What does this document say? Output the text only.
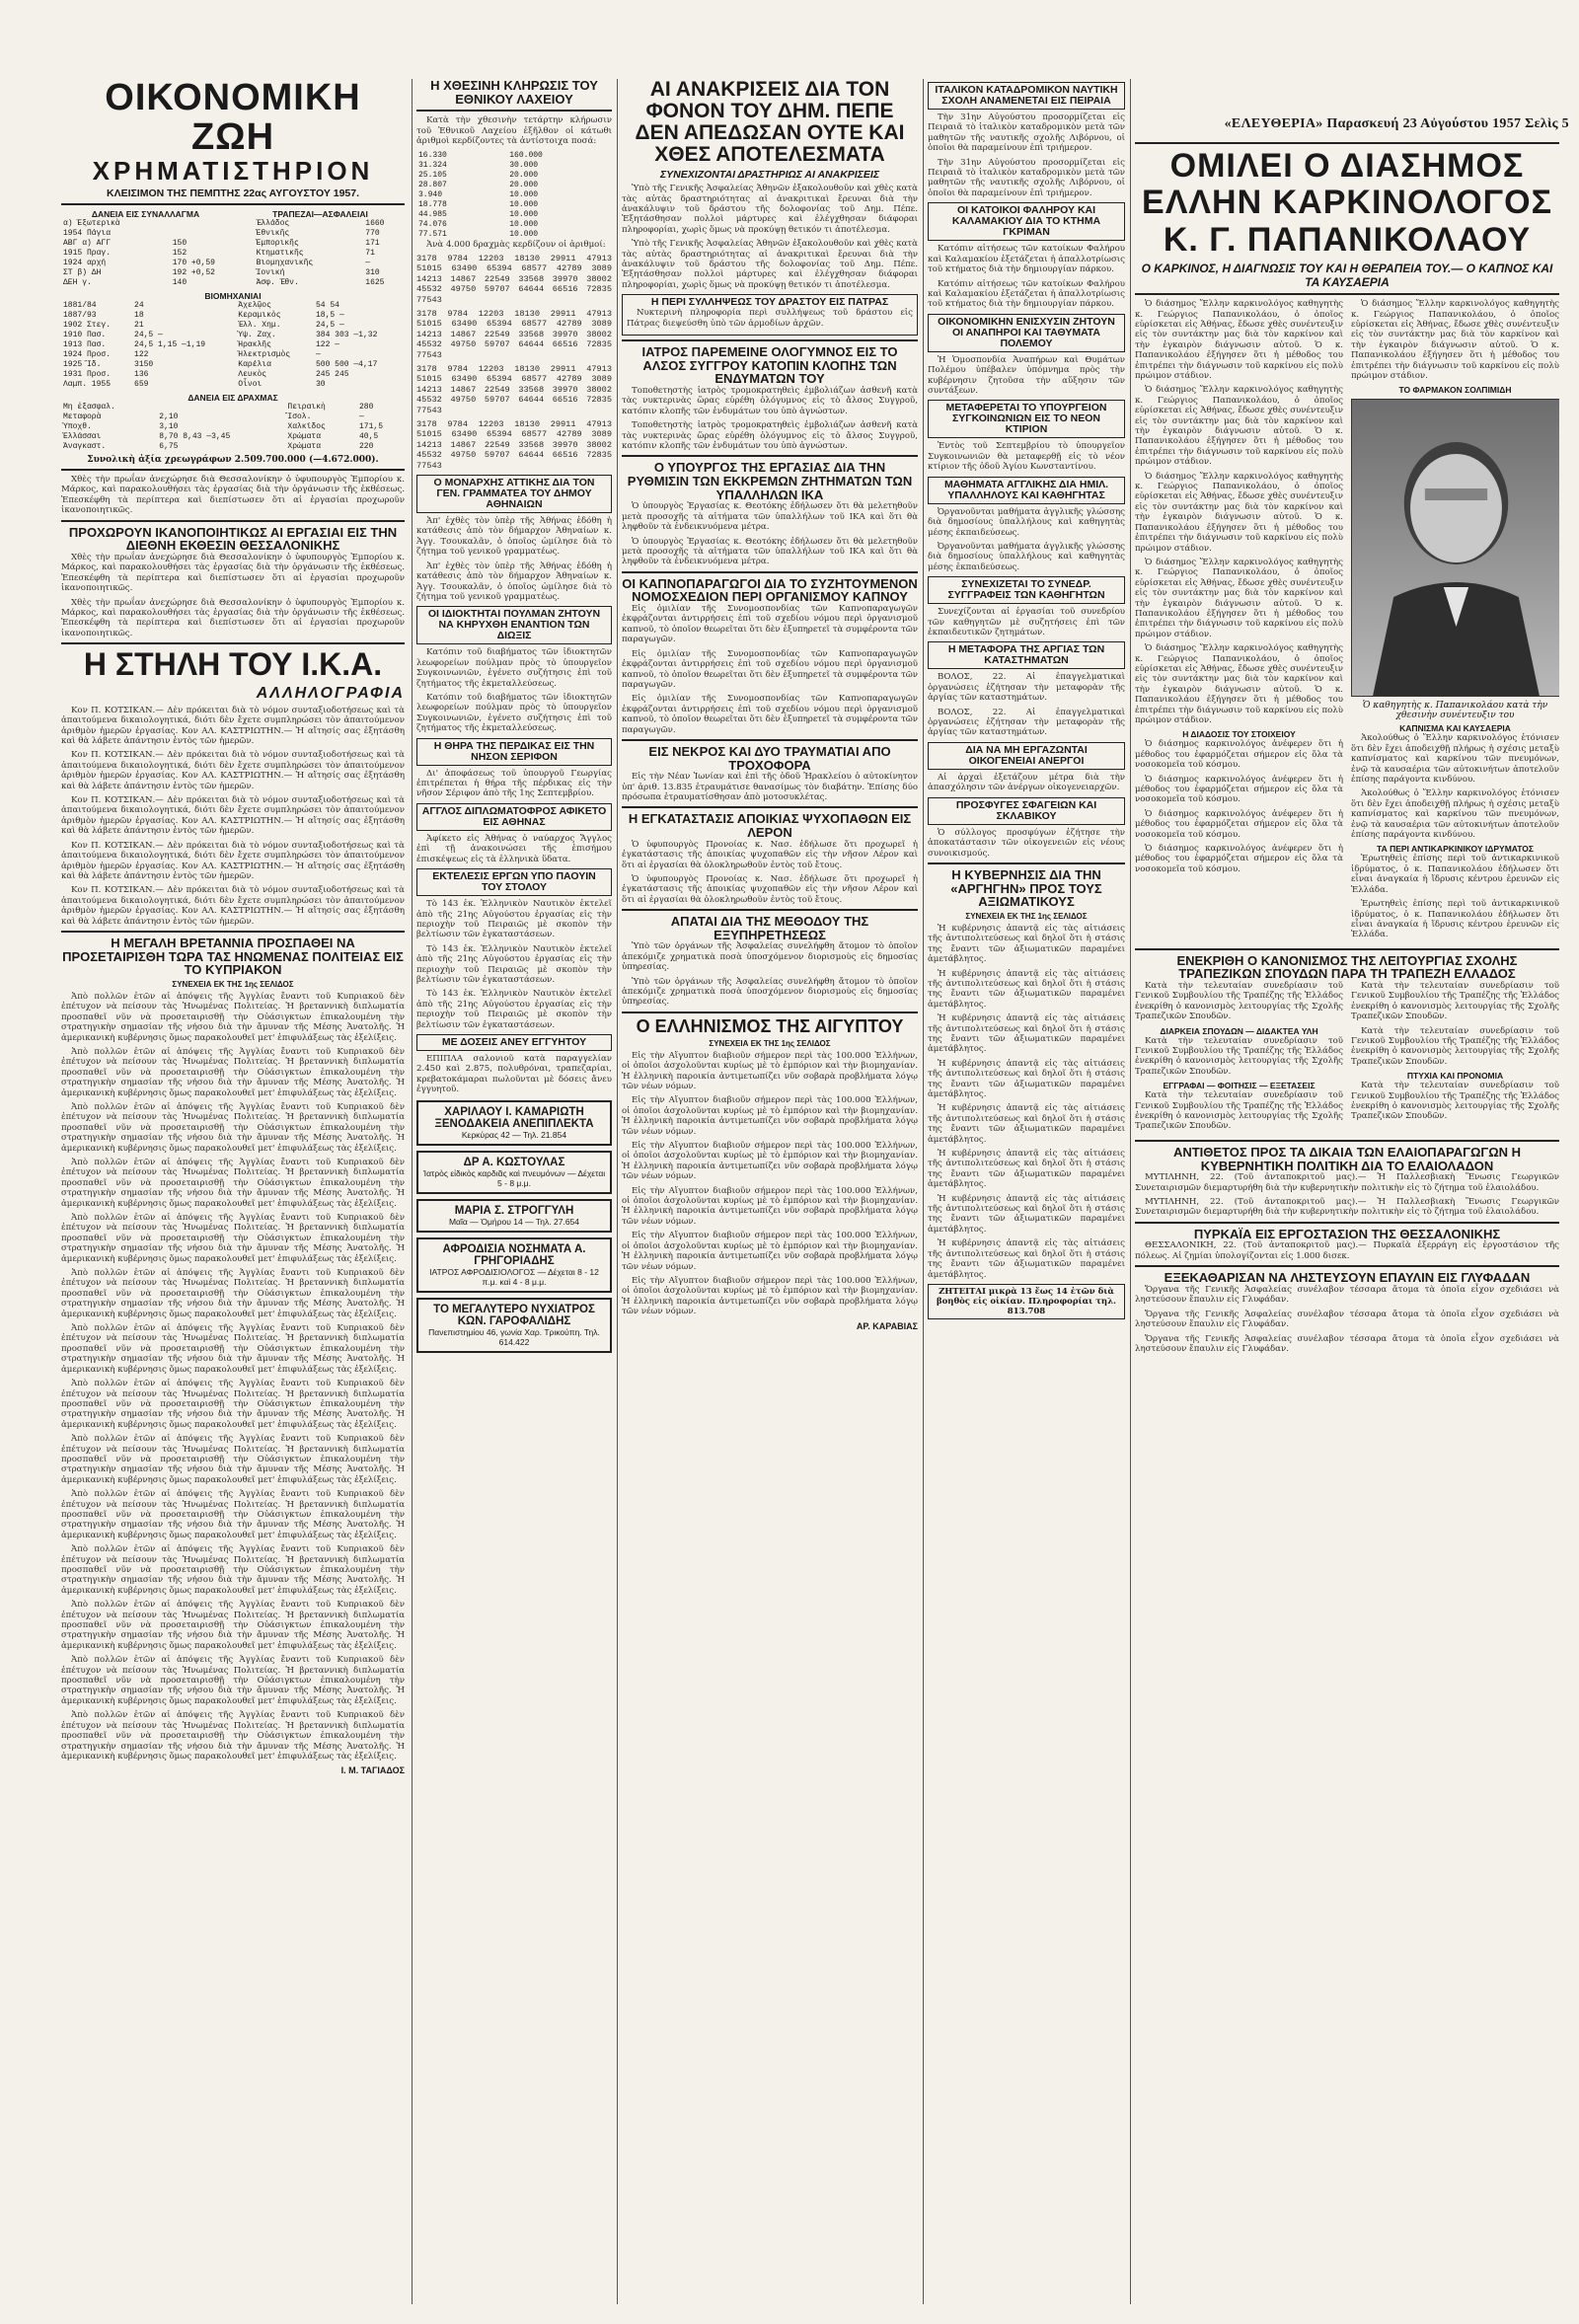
«ΕΛΕΥΘΕΡΙΑ» Παρασκευή 23 Αὐγούστου 1957 Σελὶς 5
ΟΙΚΟΝΟΜΙΚΗ ΖΩΗ
ΧΡΗΜΑΤΙΣΤΗΡΙΟΝ
ΚΛΕΙΣΙΜΟΝ ΤΗΣ ΠΕΜΠΤΗΣ 22ας ΑΥΓΟΥΣΤΟΥ 1957.
ΔΑΝΕΙΑ ΕΙΣ ΣΥΝΑΛΛΑΓΜΑ	ΤΡΑΠΕΖΑΙ—ΑΣΦΑΛΕΙΑΙ
α) Ἐξωτερικὰ		Ἑλλάδος	1660
1954 Πάγια		Ἐθνικῆς	770
ΑΒΓ α) ΑΓΓ	150	Ἐμπορικῆς	171
1915 Πραγ.	152	Κτηματικῆς	71
1924 αρχή	170 +0,59	Βιομηχανικῆς	—
ΣΤ β) ΔΗ	192 +0,52	Ἰονική	310
ΔΕΗ γ.	140	Ἀσφ. Ἑθν.	1625
ΒΙΟΜΗΧΑΝΙΑΙ
1881/84	24	Ἀχελῷος	54 54
1887/93	18	Κεραμικὸς	18,5 —
1902 Στεγ.	21	Ἑλλ. Χημ.	24,5 —
1910 Πασ.	24,5 —	Ὑψ. Ζαχ.	384 303 —1,32
1913 Πασ.	24,5 1,15 —1,19	Ἡρακλῆς	122 —
1924 Προσ.	122	Ἠλεκτρισμὸς	—
1925 Ἵδ.	3150	Καρέλια	500 500 —4,17
1931 Προσ.	136	Λευκὸς	245 245
Λαμπ. 1955	659	Οἶνοι	30
ΔΑΝΕΙΑ ΕΙΣ ΔΡΑΧΜΑΣ
Μη ἐξασφαλ.		Πειραικὴ	280
Μεταφορὰ	2,10	Ἴσολ.	—
Ὑποχθ.	3,10	Χαλκίδος	171,5
Ἐλλάσσαι	8,70 8,43 —3,45	Χρώματα	40,5
Ἀναγκαστ.	6,75	Χρώματα	220
Συνολικὴ ἀξία χρεωγράφων 2.509.700.000 (—4.672.000).

Χθὲς τὴν πρωΐαν ἀνεχώρησε διὰ Θεσσαλονίκην ὁ ὑφυπουργὸς Ἐμπορίου κ. Μάρκος, καὶ παρακολουθήσει τὰς ἐργασίας διὰ τὴν ὀργάνωσιν τῆς ἐκθέσεως. Ἐπεσκέφθη τὰ περίπτερα καὶ διεπίστωσεν ὅτι αἱ ἐργασίαι προχωροῦν ἱκανοποιητικῶς.

ΠΡΟΧΩΡΟΥΝ ΙΚΑΝΟΠΟΙΗΤΙΚΩΣ ΑΙ ΕΡΓΑΣΙΑΙ ΕΙΣ ΤΗΝ ΔΙΕΘΝΗ ΕΚΘΕΣΙΝ ΘΕΣΣΑΛΟΝΙΚΗΣ

Χθὲς τὴν πρωΐαν ἀνεχώρησε διὰ Θεσσαλονίκην ὁ ὑφυπουργὸς Ἐμπορίου κ. Μάρκος, καὶ παρακολουθήσει τὰς ἐργασίας διὰ τὴν ὀργάνωσιν τῆς ἐκθέσεως. Ἐπεσκέφθη τὰ περίπτερα καὶ διεπίστωσεν ὅτι αἱ ἐργασίαι προχωροῦν ἱκανοποιητικῶς.

Χθὲς τὴν πρωΐαν ἀνεχώρησε διὰ Θεσσαλονίκην ὁ ὑφυπουργὸς Ἐμπορίου κ. Μάρκος, καὶ παρακολουθήσει τὰς ἐργασίας διὰ τὴν ὀργάνωσιν τῆς ἐκθέσεως. Ἐπεσκέφθη τὰ περίπτερα καὶ διεπίστωσεν ὅτι αἱ ἐργασίαι προχωροῦν ἱκανοποιητικῶς.

Η ΣΤΗΛΗ ΤΟΥ Ι.Κ.Α.
ΑΛΛΗΛΟΓΡΑΦΙΑ

Κον Π. ΚΟΤΣΙΚΑΝ.— Δὲν πρόκειται διὰ τὸ νόμον συνταξιοδοτήσεως καὶ τὰ ἀπαιτούμενα δικαιολογητικά, διότι δὲν ἔχετε συμπληρώσει τὸν ἀπαιτούμενον ἀριθμὸν ἡμερῶν ἐργασίας. Κον ΑΛ. ΚΑΣΤΡΙΩΤΗΝ.— Ἡ αἴτησίς σας ἐξητάσθη καὶ θὰ λάβετε ἀπάντησιν ἐντὸς τῶν ἡμερῶν.

Κον Π. ΚΟΤΣΙΚΑΝ.— Δὲν πρόκειται διὰ τὸ νόμον συνταξιοδοτήσεως καὶ τὰ ἀπαιτούμενα δικαιολογητικά, διότι δὲν ἔχετε συμπληρώσει τὸν ἀπαιτούμενον ἀριθμὸν ἡμερῶν ἐργασίας. Κον ΑΛ. ΚΑΣΤΡΙΩΤΗΝ.— Ἡ αἴτησίς σας ἐξητάσθη καὶ θὰ λάβετε ἀπάντησιν ἐντὸς τῶν ἡμερῶν.

Κον Π. ΚΟΤΣΙΚΑΝ.— Δὲν πρόκειται διὰ τὸ νόμον συνταξιοδοτήσεως καὶ τὰ ἀπαιτούμενα δικαιολογητικά, διότι δὲν ἔχετε συμπληρώσει τὸν ἀπαιτούμενον ἀριθμὸν ἡμερῶν ἐργασίας. Κον ΑΛ. ΚΑΣΤΡΙΩΤΗΝ.— Ἡ αἴτησίς σας ἐξητάσθη καὶ θὰ λάβετε ἀπάντησιν ἐντὸς τῶν ἡμερῶν.

Κον Π. ΚΟΤΣΙΚΑΝ.— Δὲν πρόκειται διὰ τὸ νόμον συνταξιοδοτήσεως καὶ τὰ ἀπαιτούμενα δικαιολογητικά, διότι δὲν ἔχετε συμπληρώσει τὸν ἀπαιτούμενον ἀριθμὸν ἡμερῶν ἐργασίας. Κον ΑΛ. ΚΑΣΤΡΙΩΤΗΝ.— Ἡ αἴτησίς σας ἐξητάσθη καὶ θὰ λάβετε ἀπάντησιν ἐντὸς τῶν ἡμερῶν.

Κον Π. ΚΟΤΣΙΚΑΝ.— Δὲν πρόκειται διὰ τὸ νόμον συνταξιοδοτήσεως καὶ τὰ ἀπαιτούμενα δικαιολογητικά, διότι δὲν ἔχετε συμπληρώσει τὸν ἀπαιτούμενον ἀριθμὸν ἡμερῶν ἐργασίας. Κον ΑΛ. ΚΑΣΤΡΙΩΤΗΝ.— Ἡ αἴτησίς σας ἐξητάσθη καὶ θὰ λάβετε ἀπάντησιν ἐντὸς τῶν ἡμερῶν.

Η ΜΕΓΑΛΗ ΒΡΕΤΑΝΝΙΑ ΠΡΟΣΠΑΘΕΙ ΝΑ ΠΡΟΣΕΤΑΙΡΙΣΘΗ ΤΩΡΑ ΤΑΣ ΗΝΩΜΕΝΑΣ ΠΟΛΙΤΕΙΑΣ ΕΙΣ ΤΟ ΚΥΠΡΙΑΚΟΝ
ΣΥΝΕΧΕΙΑ ΕΚ ΤΗΣ 1ης ΣΕΛΙΔΟΣ

Ἀπὸ πολλῶν ἐτῶν αἱ ἀπόψεις τῆς Ἀγγλίας ἔναντι τοῦ Κυπριακοῦ δὲν ἐπέτυχον νὰ πείσουν τὰς Ἡνωμένας Πολιτείας. Ἡ βρεταννικὴ διπλωματία προσπαθεῖ νῦν νὰ προσεταιρισθῇ τὴν Οὐάσιγκτων ἐπικαλουμένη τὴν στρατηγικὴν σημασίαν τῆς νήσου διὰ τὴν ἄμυναν τῆς Μέσης Ἀνατολῆς. Ἡ ἀμερικανικὴ κυβέρνησις ὅμως παρακολουθεῖ μετ' ἐπιφυλάξεως τὰς ἐξελίξεις.

Ἀπὸ πολλῶν ἐτῶν αἱ ἀπόψεις τῆς Ἀγγλίας ἔναντι τοῦ Κυπριακοῦ δὲν ἐπέτυχον νὰ πείσουν τὰς Ἡνωμένας Πολιτείας. Ἡ βρεταννικὴ διπλωματία προσπαθεῖ νῦν νὰ προσεταιρισθῇ τὴν Οὐάσιγκτων ἐπικαλουμένη τὴν στρατηγικὴν σημασίαν τῆς νήσου διὰ τὴν ἄμυναν τῆς Μέσης Ἀνατολῆς. Ἡ ἀμερικανικὴ κυβέρνησις ὅμως παρακολουθεῖ μετ' ἐπιφυλάξεως τὰς ἐξελίξεις.

Ἀπὸ πολλῶν ἐτῶν αἱ ἀπόψεις τῆς Ἀγγλίας ἔναντι τοῦ Κυπριακοῦ δὲν ἐπέτυχον νὰ πείσουν τὰς Ἡνωμένας Πολιτείας. Ἡ βρεταννικὴ διπλωματία προσπαθεῖ νῦν νὰ προσεταιρισθῇ τὴν Οὐάσιγκτων ἐπικαλουμένη τὴν στρατηγικὴν σημασίαν τῆς νήσου διὰ τὴν ἄμυναν τῆς Μέσης Ἀνατολῆς. Ἡ ἀμερικανικὴ κυβέρνησις ὅμως παρακολουθεῖ μετ' ἐπιφυλάξεως τὰς ἐξελίξεις.

Ἀπὸ πολλῶν ἐτῶν αἱ ἀπόψεις τῆς Ἀγγλίας ἔναντι τοῦ Κυπριακοῦ δὲν ἐπέτυχον νὰ πείσουν τὰς Ἡνωμένας Πολιτείας. Ἡ βρεταννικὴ διπλωματία προσπαθεῖ νῦν νὰ προσεταιρισθῇ τὴν Οὐάσιγκτων ἐπικαλουμένη τὴν στρατηγικὴν σημασίαν τῆς νήσου διὰ τὴν ἄμυναν τῆς Μέσης Ἀνατολῆς. Ἡ ἀμερικανικὴ κυβέρνησις ὅμως παρακολουθεῖ μετ' ἐπιφυλάξεως τὰς ἐξελίξεις.

Ἀπὸ πολλῶν ἐτῶν αἱ ἀπόψεις τῆς Ἀγγλίας ἔναντι τοῦ Κυπριακοῦ δὲν ἐπέτυχον νὰ πείσουν τὰς Ἡνωμένας Πολιτείας. Ἡ βρεταννικὴ διπλωματία προσπαθεῖ νῦν νὰ προσεταιρισθῇ τὴν Οὐάσιγκτων ἐπικαλουμένη τὴν στρατηγικὴν σημασίαν τῆς νήσου διὰ τὴν ἄμυναν τῆς Μέσης Ἀνατολῆς. Ἡ ἀμερικανικὴ κυβέρνησις ὅμως παρακολουθεῖ μετ' ἐπιφυλάξεως τὰς ἐξελίξεις.

Ἀπὸ πολλῶν ἐτῶν αἱ ἀπόψεις τῆς Ἀγγλίας ἔναντι τοῦ Κυπριακοῦ δὲν ἐπέτυχον νὰ πείσουν τὰς Ἡνωμένας Πολιτείας. Ἡ βρεταννικὴ διπλωματία προσπαθεῖ νῦν νὰ προσεταιρισθῇ τὴν Οὐάσιγκτων ἐπικαλουμένη τὴν στρατηγικὴν σημασίαν τῆς νήσου διὰ τὴν ἄμυναν τῆς Μέσης Ἀνατολῆς. Ἡ ἀμερικανικὴ κυβέρνησις ὅμως παρακολουθεῖ μετ' ἐπιφυλάξεως τὰς ἐξελίξεις.

Ἀπὸ πολλῶν ἐτῶν αἱ ἀπόψεις τῆς Ἀγγλίας ἔναντι τοῦ Κυπριακοῦ δὲν ἐπέτυχον νὰ πείσουν τὰς Ἡνωμένας Πολιτείας. Ἡ βρεταννικὴ διπλωματία προσπαθεῖ νῦν νὰ προσεταιρισθῇ τὴν Οὐάσιγκτων ἐπικαλουμένη τὴν στρατηγικὴν σημασίαν τῆς νήσου διὰ τὴν ἄμυναν τῆς Μέσης Ἀνατολῆς. Ἡ ἀμερικανικὴ κυβέρνησις ὅμως παρακολουθεῖ μετ' ἐπιφυλάξεως τὰς ἐξελίξεις.

Ἀπὸ πολλῶν ἐτῶν αἱ ἀπόψεις τῆς Ἀγγλίας ἔναντι τοῦ Κυπριακοῦ δὲν ἐπέτυχον νὰ πείσουν τὰς Ἡνωμένας Πολιτείας. Ἡ βρεταννικὴ διπλωματία προσπαθεῖ νῦν νὰ προσεταιρισθῇ τὴν Οὐάσιγκτων ἐπικαλουμένη τὴν στρατηγικὴν σημασίαν τῆς νήσου διὰ τὴν ἄμυναν τῆς Μέσης Ἀνατολῆς. Ἡ ἀμερικανικὴ κυβέρνησις ὅμως παρακολουθεῖ μετ' ἐπιφυλάξεως τὰς ἐξελίξεις.

Ἀπὸ πολλῶν ἐτῶν αἱ ἀπόψεις τῆς Ἀγγλίας ἔναντι τοῦ Κυπριακοῦ δὲν ἐπέτυχον νὰ πείσουν τὰς Ἡνωμένας Πολιτείας. Ἡ βρεταννικὴ διπλωματία προσπαθεῖ νῦν νὰ προσεταιρισθῇ τὴν Οὐάσιγκτων ἐπικαλουμένη τὴν στρατηγικὴν σημασίαν τῆς νήσου διὰ τὴν ἄμυναν τῆς Μέσης Ἀνατολῆς. Ἡ ἀμερικανικὴ κυβέρνησις ὅμως παρακολουθεῖ μετ' ἐπιφυλάξεως τὰς ἐξελίξεις.

Ἀπὸ πολλῶν ἐτῶν αἱ ἀπόψεις τῆς Ἀγγλίας ἔναντι τοῦ Κυπριακοῦ δὲν ἐπέτυχον νὰ πείσουν τὰς Ἡνωμένας Πολιτείας. Ἡ βρεταννικὴ διπλωματία προσπαθεῖ νῦν νὰ προσεταιρισθῇ τὴν Οὐάσιγκτων ἐπικαλουμένη τὴν στρατηγικὴν σημασίαν τῆς νήσου διὰ τὴν ἄμυναν τῆς Μέσης Ἀνατολῆς. Ἡ ἀμερικανικὴ κυβέρνησις ὅμως παρακολουθεῖ μετ' ἐπιφυλάξεως τὰς ἐξελίξεις.

Ἀπὸ πολλῶν ἐτῶν αἱ ἀπόψεις τῆς Ἀγγλίας ἔναντι τοῦ Κυπριακοῦ δὲν ἐπέτυχον νὰ πείσουν τὰς Ἡνωμένας Πολιτείας. Ἡ βρεταννικὴ διπλωματία προσπαθεῖ νῦν νὰ προσεταιρισθῇ τὴν Οὐάσιγκτων ἐπικαλουμένη τὴν στρατηγικὴν σημασίαν τῆς νήσου διὰ τὴν ἄμυναν τῆς Μέσης Ἀνατολῆς. Ἡ ἀμερικανικὴ κυβέρνησις ὅμως παρακολουθεῖ μετ' ἐπιφυλάξεως τὰς ἐξελίξεις.

Ἀπὸ πολλῶν ἐτῶν αἱ ἀπόψεις τῆς Ἀγγλίας ἔναντι τοῦ Κυπριακοῦ δὲν ἐπέτυχον νὰ πείσουν τὰς Ἡνωμένας Πολιτείας. Ἡ βρεταννικὴ διπλωματία προσπαθεῖ νῦν νὰ προσεταιρισθῇ τὴν Οὐάσιγκτων ἐπικαλουμένη τὴν στρατηγικὴν σημασίαν τῆς νήσου διὰ τὴν ἄμυναν τῆς Μέσης Ἀνατολῆς. Ἡ ἀμερικανικὴ κυβέρνησις ὅμως παρακολουθεῖ μετ' ἐπιφυλάξεως τὰς ἐξελίξεις.

Ἀπὸ πολλῶν ἐτῶν αἱ ἀπόψεις τῆς Ἀγγλίας ἔναντι τοῦ Κυπριακοῦ δὲν ἐπέτυχον νὰ πείσουν τὰς Ἡνωμένας Πολιτείας. Ἡ βρεταννικὴ διπλωματία προσπαθεῖ νῦν νὰ προσεταιρισθῇ τὴν Οὐάσιγκτων ἐπικαλουμένη τὴν στρατηγικὴν σημασίαν τῆς νήσου διὰ τὴν ἄμυναν τῆς Μέσης Ἀνατολῆς. Ἡ ἀμερικανικὴ κυβέρνησις ὅμως παρακολουθεῖ μετ' ἐπιφυλάξεως τὰς ἐξελίξεις.

Ἀπὸ πολλῶν ἐτῶν αἱ ἀπόψεις τῆς Ἀγγλίας ἔναντι τοῦ Κυπριακοῦ δὲν ἐπέτυχον νὰ πείσουν τὰς Ἡνωμένας Πολιτείας. Ἡ βρεταννικὴ διπλωματία προσπαθεῖ νῦν νὰ προσεταιρισθῇ τὴν Οὐάσιγκτων ἐπικαλουμένη τὴν στρατηγικὴν σημασίαν τῆς νήσου διὰ τὴν ἄμυναν τῆς Μέσης Ἀνατολῆς. Ἡ ἀμερικανικὴ κυβέρνησις ὅμως παρακολουθεῖ μετ' ἐπιφυλάξεως τὰς ἐξελίξεις.

Ι. Μ. ΤΑΓΙΑΔΟΣ
Η ΧΘΕΣΙΝΗ ΚΛΗΡΩΣΙΣ ΤΟΥ ΕΘΝΙΚΟΥ ΛΑΧΕΙΟΥ

Κατὰ τὴν χθεσινὴν τετάρτην κλήρωσιν τοῦ Ἐθνικοῦ Λαχείου ἐξῆλθον οἱ κάτωθι ἀριθμοὶ κερδίζοντες τὰ ἀντίστοιχα ποσά:

16.330	160.000
31.324	30.000
25.105	20.000
28.807	20.000
3.940	10.000
18.778	10.000
44.985	10.000
74.076	10.000
77.571	10.000

Ἀνὰ 4.000 δραχμὰς κερδίζουν οἱ ἀριθμοί:

3178 9784 12203 18130 29911 47913 51015 63490 65394 68577 42789 3089 14213 14867 22549 33568 39970 38002 45532 49750 59707 64644 66516 72835 77543

3178 9784 12203 18130 29911 47913 51015 63490 65394 68577 42789 3089 14213 14867 22549 33568 39970 38002 45532 49750 59707 64644 66516 72835 77543

3178 9784 12203 18130 29911 47913 51015 63490 65394 68577 42789 3089 14213 14867 22549 33568 39970 38002 45532 49750 59707 64644 66516 72835 77543

3178 9784 12203 18130 29911 47913 51015 63490 65394 68577 42789 3089 14213 14867 22549 33568 39970 38002 45532 49750 59707 64644 66516 72835 77543

Ο ΜΟΝΑΡΧΗΣ ΑΤΤΙΚΗΣ ΔΙΑ ΤΟΝ ΓΕΝ. ΓΡΑΜΜΑΤΕΑ ΤΟΥ ΔΗΜΟΥ ΑΘΗΝΑΙΩΝ

Ἀπ' ἐχθὲς τὸν ὑπὲρ τῆς Ἀθήνας ἐδόθη ἡ κατάθεσις ἀπὸ τὸν δήμαρχον Ἀθηναίων κ. Ἀγγ. Τσουκαλᾶν, ὁ ὁποῖος ὡμίλησε διὰ τὸ ζήτημα τοῦ γενικοῦ γραμματέως.

Ἀπ' ἐχθὲς τὸν ὑπὲρ τῆς Ἀθήνας ἐδόθη ἡ κατάθεσις ἀπὸ τὸν δήμαρχον Ἀθηναίων κ. Ἀγγ. Τσουκαλᾶν, ὁ ὁποῖος ὡμίλησε διὰ τὸ ζήτημα τοῦ γενικοῦ γραμματέως.

ΟΙ ΙΔΙΟΚΤΗΤΑΙ ΠΟΥΛΜΑΝ ΖΗΤΟΥΝ ΝΑ ΚΗΡΥΧΘΗ ΕΝΑΝΤΙΟΝ ΤΩΝ ΔΙΩΞΙΣ

Κατόπιν τοῦ διαβήματος τῶν ἰδιοκτητῶν λεωφορείων πούλμαν πρὸς τὸ ὑπουργεῖον Συγκοινωνιῶν, ἐγένετο συζήτησις ἐπὶ τοῦ ζητήματος τῆς ἐκμεταλλεύσεως.

Κατόπιν τοῦ διαβήματος τῶν ἰδιοκτητῶν λεωφορείων πούλμαν πρὸς τὸ ὑπουργεῖον Συγκοινωνιῶν, ἐγένετο συζήτησις ἐπὶ τοῦ ζητήματος τῆς ἐκμεταλλεύσεως.

Η ΘΗΡΑ ΤΗΣ ΠΕΡΔΙΚΑΣ ΕΙΣ ΤΗΝ ΝΗΣΟΝ ΣΕΡΙΦΟΝ

Δι' ἀποφάσεως τοῦ ὑπουργοῦ Γεωργίας ἐπιτρέπεται ἡ θήρα τῆς πέρδικας εἰς τὴν νῆσον Σέριφον ἀπὸ τῆς 1ης Σεπτεμβρίου.

ΑΓΓΛΟΣ ΔΙΠΛΩΜΑΤΟΦΡΟΣ ΑΦΙΚΕΤΟ ΕΙΣ ΑΘΗΝΑΣ

Ἀφίκετο εἰς Ἀθήνας ὁ ναύαρχος Ἄγγλος ἐπὶ τῇ ἀνακοινώσει τῆς ἐπισήμου ἐπισκέψεως εἰς τὰ ἑλληνικὰ ὕδατα.

ΕΚΤΕΛΕΣΙΣ ΕΡΓΩΝ ΥΠΟ ΠΑΟΥΙΝ ΤΟΥ ΣΤΟΛΟΥ

Τὸ 143 ἐκ. Ἑλληνικὸν Ναυτικὸν ἐκτελεῖ ἀπὸ τῆς 21ης Αὐγούστου ἐργασίας εἰς τὴν περιοχὴν τοῦ Πειραιῶς μὲ σκοπὸν τὴν βελτίωσιν τῶν ἐγκαταστάσεων.

Τὸ 143 ἐκ. Ἑλληνικὸν Ναυτικὸν ἐκτελεῖ ἀπὸ τῆς 21ης Αὐγούστου ἐργασίας εἰς τὴν περιοχὴν τοῦ Πειραιῶς μὲ σκοπὸν τὴν βελτίωσιν τῶν ἐγκαταστάσεων.

Τὸ 143 ἐκ. Ἑλληνικὸν Ναυτικὸν ἐκτελεῖ ἀπὸ τῆς 21ης Αὐγούστου ἐργασίας εἰς τὴν περιοχὴν τοῦ Πειραιῶς μὲ σκοπὸν τὴν βελτίωσιν τῶν ἐγκαταστάσεων.

ΜΕ ΔΟΣΕΙΣ ΑΝΕΥ ΕΓΓΥΗΤΟΥ

ΕΠΙΠΛΑ σαλονιοῦ κατὰ παραγγελίαν 2.450 καὶ 2.875, πολυθρόναι, τραπεζαρίαι, κρεβατοκάμαραι πωλοῦνται μὲ δόσεις ἄνευ ἐγγυητοῦ.

ΧΑΡΙΛΑΟΥ Ι. ΚΑΜΑΡΙΩΤΗ ΞΕΝΟΔΑΚΕΙΑ ΑΝΕΠΙΠΛΕΚΤΑ
Κερκύρας 42 — Τηλ. 21.854
ΔΡ Α. ΚΩΣΤΟΥΛΑΣ
Ἰατρὸς εἰδικὸς καρδιᾶς καὶ πνευμόνων — Δέχεται 5 - 8 μ.μ.
ΜΑΡΙΑ Σ. ΣΤΡΟΓΓΥΛΗ
Μαῖα — Ὀμήρου 14 — Τηλ. 27.654
ΑΦΡΟΔΙΣΙΑ ΝΟΣΗΜΑΤΑ Α. ΓΡΗΓΟΡΙΑΔΗΣ
ΙΑΤΡΟΣ ΑΦΡΟΔΙΣΙΟΛΟΓΟΣ — Δέχεται 8 - 12 π.μ. καὶ 4 - 8 μ.μ.
ΤΟ ΜΕΓΑΛΥΤΕΡΟ ΝΥΧΙΑΤΡΟΣ ΚΩΝ. ΓΑΡΟΦΑΛΙΔΗΣ
Πανεπιστημίου 46, γωνία Χαρ. Τρικούπη. Τηλ. 614.422
ΑΙ ΑΝΑΚΡΙΣΕΙΣ ΔΙΑ ΤΟΝ ΦΟΝΟΝ ΤΟΥ ΔΗΜ. ΠΕΠΕ ΔΕΝ ΑΠΕΔΩΣΑΝ ΟΥΤΕ ΚΑΙ ΧΘΕΣ ΑΠΟΤΕΛΕΣΜΑΤΑ
ΣΥΝΕΧΙΖΟΝΤΑΙ ΔΡΑΣΤΗΡΙΩΣ ΑΙ ΑΝΑΚΡΙΣΕΙΣ

Ὑπὸ τῆς Γενικῆς Ἀσφαλείας Ἀθηνῶν ἐξακολουθοῦν καὶ χθὲς κατὰ τὰς αὐτὰς δραστηριότητας αἱ ἀνακριτικαὶ ἔρευναι διὰ τὴν ἀνακάλυψιν τοῦ δράστου τῆς δολοφονίας τοῦ Δημ. Πέπε. Ἐξητάσθησαν πολλοὶ μάρτυρες καὶ ἐλέγχθησαν διάφοραι πληροφορίαι, χωρὶς ὅμως νὰ προκύψῃ θετικόν τι ἀποτέλεσμα.

Ὑπὸ τῆς Γενικῆς Ἀσφαλείας Ἀθηνῶν ἐξακολουθοῦν καὶ χθὲς κατὰ τὰς αὐτὰς δραστηριότητας αἱ ἀνακριτικαὶ ἔρευναι διὰ τὴν ἀνακάλυψιν τοῦ δράστου τῆς δολοφονίας τοῦ Δημ. Πέπε. Ἐξητάσθησαν πολλοὶ μάρτυρες καὶ ἐλέγχθησαν διάφοραι πληροφορίαι, χωρὶς ὅμως νὰ προκύψῃ θετικόν τι ἀποτέλεσμα.

Η ΠΕΡΙ ΣΥΛΛΗΨΕΩΣ ΤΟΥ ΔΡΑΣΤΟΥ ΕΙΣ ΠΑΤΡΑΣ

Νυκτερινὴ πληροφορία περὶ συλλήψεως τοῦ δράστου εἰς Πάτρας διεψεύσθη ὑπὸ τῶν ἁρμοδίων ἀρχῶν.

ΙΑΤΡΟΣ ΠΑΡΕΜΕΙΝΕ ΟΛΟΓΥΜΝΟΣ ΕΙΣ ΤΟ ΑΛΣΟΣ ΣΥΓΓΡΟΥ ΚΑΤΟΠΙΝ ΚΛΟΠΗΣ ΤΩΝ ΕΝΔΥΜΑΤΩΝ ΤΟΥ

Τοποθετηστὴς ἰατρὸς τρομοκρατηθεὶς ἐμβολιάζων ἀσθενῆ κατὰ τὰς νυκτερινὰς ὥρας εὑρέθη ὀλόγυμνος εἰς τὸ ἄλσος Συγγροῦ, κατόπιν κλοπῆς τῶν ἐνδυμάτων του ὑπὸ ἀγνώστων.

Τοποθετηστὴς ἰατρὸς τρομοκρατηθεὶς ἐμβολιάζων ἀσθενῆ κατὰ τὰς νυκτερινὰς ὥρας εὑρέθη ὀλόγυμνος εἰς τὸ ἄλσος Συγγροῦ, κατόπιν κλοπῆς τῶν ἐνδυμάτων του ὑπὸ ἀγνώστων.

Ο ΥΠΟΥΡΓΟΣ ΤΗΣ ΕΡΓΑΣΙΑΣ ΔΙΑ ΤΗΝ ΡΥΘΜΙΣΙΝ ΤΩΝ ΕΚΚΡΕΜΩΝ ΖΗΤΗΜΑΤΩΝ ΤΩΝ ΥΠΑΛΛΗΛΩΝ ΙΚΑ

Ὁ ὑπουργὸς Ἐργασίας κ. Θεοτόκης ἐδήλωσεν ὅτι θὰ μελετηθοῦν μετὰ προσοχῆς τὰ αἰτήματα τῶν ὑπαλλήλων τοῦ ΙΚΑ καὶ ὅτι θὰ ληφθοῦν τὰ ἐνδεικνυόμενα μέτρα.

Ὁ ὑπουργὸς Ἐργασίας κ. Θεοτόκης ἐδήλωσεν ὅτι θὰ μελετηθοῦν μετὰ προσοχῆς τὰ αἰτήματα τῶν ὑπαλλήλων τοῦ ΙΚΑ καὶ ὅτι θὰ ληφθοῦν τὰ ἐνδεικνυόμενα μέτρα.

ΟΙ ΚΑΠΝΟΠΑΡΑΓΩΓΟΙ ΔΙΑ ΤΟ ΣΥΖΗΤΟΥΜΕΝΟΝ ΝΟΜΟΣΧΕΔΙΟΝ ΠΕΡΙ ΟΡΓΑΝΙΣΜΟΥ ΚΑΠΝΟΥ

Εἰς ὁμιλίαν τῆς Συνομοσπονδίας τῶν Καπνοπαραγωγῶν ἐκφράζονται ἀντιρρήσεις ἐπὶ τοῦ σχεδίου νόμου περὶ ὀργανισμοῦ καπνοῦ, τὸ ὁποῖον θεωρεῖται ὅτι δὲν ἐξυπηρετεῖ τὰ συμφέροντα τῶν παραγωγῶν.

Εἰς ὁμιλίαν τῆς Συνομοσπονδίας τῶν Καπνοπαραγωγῶν ἐκφράζονται ἀντιρρήσεις ἐπὶ τοῦ σχεδίου νόμου περὶ ὀργανισμοῦ καπνοῦ, τὸ ὁποῖον θεωρεῖται ὅτι δὲν ἐξυπηρετεῖ τὰ συμφέροντα τῶν παραγωγῶν.

Εἰς ὁμιλίαν τῆς Συνομοσπονδίας τῶν Καπνοπαραγωγῶν ἐκφράζονται ἀντιρρήσεις ἐπὶ τοῦ σχεδίου νόμου περὶ ὀργανισμοῦ καπνοῦ, τὸ ὁποῖον θεωρεῖται ὅτι δὲν ἐξυπηρετεῖ τὰ συμφέροντα τῶν παραγωγῶν.

ΕΙΣ ΝΕΚΡΟΣ ΚΑΙ ΔΥΟ ΤΡΑΥΜΑΤΙΑΙ ΑΠΟ ΤΡΟΧΟΦΟΡΑ

Εἰς τὴν Νέαν Ἰωνίαν καὶ ἐπὶ τῆς ὁδοῦ Ἡρακλείου ὁ αὐτοκίνητον ὑπ' ἀριθ. 13.835 ἐτραυμάτισε θανασίμως τὸν διαβάτην. Ἐπίσης δύο πρόσωπα ἐτραυματίσθησαν ἀπὸ μοτοσυκλέτας.

Η ΕΓΚΑΤΑΣΤΑΣΙΣ ΑΠΟΙΚΙΑΣ ΨΥΧΟΠΑΘΩΝ ΕΙΣ ΛΕΡΟΝ

Ὁ ὑφυπουργὸς Προνοίας κ. Νασ. ἐδήλωσε ὅτι προχωρεῖ ἡ ἐγκατάστασις τῆς ἀποικίας ψυχοπαθῶν εἰς τὴν νῆσον Λέρον καὶ ὅτι αἱ ἐργασίαι θὰ ὁλοκληρωθοῦν ἐντὸς τοῦ ἔτους.

Ὁ ὑφυπουργὸς Προνοίας κ. Νασ. ἐδήλωσε ὅτι προχωρεῖ ἡ ἐγκατάστασις τῆς ἀποικίας ψυχοπαθῶν εἰς τὴν νῆσον Λέρον καὶ ὅτι αἱ ἐργασίαι θὰ ὁλοκληρωθοῦν ἐντὸς τοῦ ἔτους.

ΑΠΑΤΑΙ ΔΙΑ ΤΗΣ ΜΕΘΟΔΟΥ ΤΗΣ ΕΞΥΠΗΡΕΤΗΣΕΩΣ

Ὑπὸ τῶν ὀργάνων τῆς Ἀσφαλείας συνελήφθη ἄτομον τὸ ὁποῖον ἀπεκόμιζε χρηματικὰ ποσὰ ὑποσχόμενον διορισμοὺς εἰς δημοσίας ὑπηρεσίας.

Ὑπὸ τῶν ὀργάνων τῆς Ἀσφαλείας συνελήφθη ἄτομον τὸ ὁποῖον ἀπεκόμιζε χρηματικὰ ποσὰ ὑποσχόμενον διορισμοὺς εἰς δημοσίας ὑπηρεσίας.

Ο ΕΛΛΗΝΙΣΜΟΣ ΤΗΣ ΑΙΓΥΠΤΟΥ
ΣΥΝΕΧΕΙΑ ΕΚ ΤΗΣ 1ης ΣΕΛΙΔΟΣ

Εἰς τὴν Αἴγυπτον διαβιοῦν σήμερον περὶ τὰς 100.000 Ἑλλήνων, οἱ ὁποῖοι ἀσχολοῦνται κυρίως μὲ τὸ ἐμπόριον καὶ τὴν βιομηχανίαν. Ἡ ἑλληνικὴ παροικία ἀντιμετωπίζει νῦν σοβαρὰ προβλήματα λόγῳ τῶν νέων νόμων.

Εἰς τὴν Αἴγυπτον διαβιοῦν σήμερον περὶ τὰς 100.000 Ἑλλήνων, οἱ ὁποῖοι ἀσχολοῦνται κυρίως μὲ τὸ ἐμπόριον καὶ τὴν βιομηχανίαν. Ἡ ἑλληνικὴ παροικία ἀντιμετωπίζει νῦν σοβαρὰ προβλήματα λόγῳ τῶν νέων νόμων.

Εἰς τὴν Αἴγυπτον διαβιοῦν σήμερον περὶ τὰς 100.000 Ἑλλήνων, οἱ ὁποῖοι ἀσχολοῦνται κυρίως μὲ τὸ ἐμπόριον καὶ τὴν βιομηχανίαν. Ἡ ἑλληνικὴ παροικία ἀντιμετωπίζει νῦν σοβαρὰ προβλήματα λόγῳ τῶν νέων νόμων.

Εἰς τὴν Αἴγυπτον διαβιοῦν σήμερον περὶ τὰς 100.000 Ἑλλήνων, οἱ ὁποῖοι ἀσχολοῦνται κυρίως μὲ τὸ ἐμπόριον καὶ τὴν βιομηχανίαν. Ἡ ἑλληνικὴ παροικία ἀντιμετωπίζει νῦν σοβαρὰ προβλήματα λόγῳ τῶν νέων νόμων.

Εἰς τὴν Αἴγυπτον διαβιοῦν σήμερον περὶ τὰς 100.000 Ἑλλήνων, οἱ ὁποῖοι ἀσχολοῦνται κυρίως μὲ τὸ ἐμπόριον καὶ τὴν βιομηχανίαν. Ἡ ἑλληνικὴ παροικία ἀντιμετωπίζει νῦν σοβαρὰ προβλήματα λόγῳ τῶν νέων νόμων.

Εἰς τὴν Αἴγυπτον διαβιοῦν σήμερον περὶ τὰς 100.000 Ἑλλήνων, οἱ ὁποῖοι ἀσχολοῦνται κυρίως μὲ τὸ ἐμπόριον καὶ τὴν βιομηχανίαν. Ἡ ἑλληνικὴ παροικία ἀντιμετωπίζει νῦν σοβαρὰ προβλήματα λόγῳ τῶν νέων νόμων.

ΑΡ. ΚΑΡΑΒΙΑΣ
ΙΤΑΛΙΚΟΝ ΚΑΤΑΔΡΟΜΙΚΟΝ ΝΑΥΤΙΚΗ ΣΧΟΛΗ ΑΝΑΜΕΝΕΤΑΙ ΕΙΣ ΠΕΙΡΑΙΑ

Τὴν 31ην Αὐγούστου προσορμίζεται εἰς Πειραιᾶ τὸ ἰταλικὸν καταδρομικὸν μετὰ τῶν μαθητῶν τῆς ναυτικῆς σχολῆς Λιβόρνου, οἱ ὁποῖοι θὰ παραμείνουν ἐπὶ τριήμερον.

Τὴν 31ην Αὐγούστου προσορμίζεται εἰς Πειραιᾶ τὸ ἰταλικὸν καταδρομικὸν μετὰ τῶν μαθητῶν τῆς ναυτικῆς σχολῆς Λιβόρνου, οἱ ὁποῖοι θὰ παραμείνουν ἐπὶ τριήμερον.

ΟΙ ΚΑΤΟΙΚΟΙ ΦΑΛΗΡΟΥ ΚΑΙ ΚΑΛΑΜΑΚΙΟΥ ΔΙΑ ΤΟ ΚΤΗΜΑ ΓΚΡΙΜΑΝ

Κατόπιν αἰτήσεως τῶν κατοίκων Φαλήρου καὶ Καλαμακίου ἐξετάζεται ἡ ἀπαλλοτρίωσις τοῦ κτήματος διὰ τὴν δημιουργίαν πάρκου.

Κατόπιν αἰτήσεως τῶν κατοίκων Φαλήρου καὶ Καλαμακίου ἐξετάζεται ἡ ἀπαλλοτρίωσις τοῦ κτήματος διὰ τὴν δημιουργίαν πάρκου.

ΟΙΚΟΝΟΜΙΚΗΝ ΕΝΙΣΧΥΣΙΝ ΖΗΤΟΥΝ ΟΙ ΑΝΑΠΗΡΟΙ ΚΑΙ ΤΑΘΥΜΑΤΑ ΠΟΛΕΜΟΥ

Ἡ Ὁμοσπονδία Ἀναπήρων καὶ Θυμάτων Πολέμου ὑπέβαλεν ὑπόμνημα πρὸς τὴν κυβέρνησιν ζητοῦσα τὴν αὔξησιν τῶν συντάξεων.

ΜΕΤΑΦΕΡΕΤΑΙ ΤΟ ΥΠΟΥΡΓΕΙΟΝ ΣΥΓΚΟΙΝΩΝΙΩΝ ΕΙΣ ΤΟ ΝΕΟΝ ΚΤΙΡΙΟΝ

Ἐντὸς τοῦ Σεπτεμβρίου τὸ ὑπουργεῖον Συγκοινωνιῶν θὰ μεταφερθῇ εἰς τὸ νέον κτίριον τῆς ὁδοῦ Ἀγίου Κωνσταντίνου.

ΜΑΘΗΜΑΤΑ ΑΓΓΛΙΚΗΣ ΔΙΑ ΗΜΙΛ. ΥΠΑΛΛΗΛΟΥΣ ΚΑΙ ΚΑΘΗΓΗΤΑΣ

Ὀργανοῦνται μαθήματα ἀγγλικῆς γλώσσης διὰ δημοσίους ὑπαλλήλους καὶ καθηγητὰς μέσης ἐκπαιδεύσεως.

Ὀργανοῦνται μαθήματα ἀγγλικῆς γλώσσης διὰ δημοσίους ὑπαλλήλους καὶ καθηγητὰς μέσης ἐκπαιδεύσεως.

ΣΥΝΕΧΙΖΕΤΑΙ ΤΟ ΣΥΝΕΔΡ. ΣΥΓΓΡΑΦΕΙΣ ΤΩΝ ΚΑΘΗΓΗΤΩΝ

Συνεχίζονται αἱ ἐργασίαι τοῦ συνεδρίου τῶν καθηγητῶν μὲ συζητήσεις ἐπὶ τῶν ἐκπαιδευτικῶν ζητημάτων.

Η ΜΕΤΑΦΟΡΑ ΤΗΣ ΑΡΓΙΑΣ ΤΩΝ ΚΑΤΑΣΤΗΜΑΤΩΝ

ΒΟΛΟΣ, 22. Αἱ ἐπαγγελματικαὶ ὀργανώσεις ἐζήτησαν τὴν μεταφορὰν τῆς ἀργίας τῶν καταστημάτων.

ΒΟΛΟΣ, 22. Αἱ ἐπαγγελματικαὶ ὀργανώσεις ἐζήτησαν τὴν μεταφορὰν τῆς ἀργίας τῶν καταστημάτων.

ΔΙΑ ΝΑ ΜΗ ΕΡΓΑΖΩΝΤΑΙ ΟΙΚΟΓΕΝΕΙΑΙ ΑΝΕΡΓΟΙ

Αἱ ἀρχαὶ ἐξετάζουν μέτρα διὰ τὴν ἀπασχόλησιν τῶν ἀνέργων οἰκογενειαρχῶν.

ΠΡΟΣΦΥΓΕΣ ΣΦΑΓΕΙΩΝ ΚΑΙ ΣΚΛΑΒΙΚΟΥ

Ὁ σύλλογος προσφύγων ἐζήτησε τὴν ἀποκατάστασιν τῶν οἰκογενειῶν εἰς νέους συνοικισμούς.

Η ΚΥΒΕΡΝΗΣΙΣ ΔΙΑ ΤΗΝ «ΑΡΓΗΓΗΝ» ΠΡΟΣ ΤΟΥΣ ΑΞΙΩΜΑΤΙΚΟΥΣ
ΣΥΝΕΧΕΙΑ ΕΚ ΤΗΣ 1ης ΣΕΛΙΔΟΣ

Ἡ κυβέρνησις ἀπαντᾷ εἰς τὰς αἰτιάσεις τῆς ἀντιπολιτεύσεως καὶ δηλοῖ ὅτι ἡ στάσις της ἔναντι τῶν ἀξιωματικῶν παραμένει ἀμετάβλητος.

Ἡ κυβέρνησις ἀπαντᾷ εἰς τὰς αἰτιάσεις τῆς ἀντιπολιτεύσεως καὶ δηλοῖ ὅτι ἡ στάσις της ἔναντι τῶν ἀξιωματικῶν παραμένει ἀμετάβλητος.

Ἡ κυβέρνησις ἀπαντᾷ εἰς τὰς αἰτιάσεις τῆς ἀντιπολιτεύσεως καὶ δηλοῖ ὅτι ἡ στάσις της ἔναντι τῶν ἀξιωματικῶν παραμένει ἀμετάβλητος.

Ἡ κυβέρνησις ἀπαντᾷ εἰς τὰς αἰτιάσεις τῆς ἀντιπολιτεύσεως καὶ δηλοῖ ὅτι ἡ στάσις της ἔναντι τῶν ἀξιωματικῶν παραμένει ἀμετάβλητος.

Ἡ κυβέρνησις ἀπαντᾷ εἰς τὰς αἰτιάσεις τῆς ἀντιπολιτεύσεως καὶ δηλοῖ ὅτι ἡ στάσις της ἔναντι τῶν ἀξιωματικῶν παραμένει ἀμετάβλητος.

Ἡ κυβέρνησις ἀπαντᾷ εἰς τὰς αἰτιάσεις τῆς ἀντιπολιτεύσεως καὶ δηλοῖ ὅτι ἡ στάσις της ἔναντι τῶν ἀξιωματικῶν παραμένει ἀμετάβλητος.

Ἡ κυβέρνησις ἀπαντᾷ εἰς τὰς αἰτιάσεις τῆς ἀντιπολιτεύσεως καὶ δηλοῖ ὅτι ἡ στάσις της ἔναντι τῶν ἀξιωματικῶν παραμένει ἀμετάβλητος.

Ἡ κυβέρνησις ἀπαντᾷ εἰς τὰς αἰτιάσεις τῆς ἀντιπολιτεύσεως καὶ δηλοῖ ὅτι ἡ στάσις της ἔναντι τῶν ἀξιωματικῶν παραμένει ἀμετάβλητος.

ΖΗΤΕΙΤΑΙ μικρὰ 13 ἕως 14 ἐτῶν διὰ βοηθὸς εἰς οἰκίαν. Πληροφορίαι τηλ. 813.708
ΟΜΙΛΕΙ Ο ΔΙΑΣΗΜΟΣ ΕΛΛΗΝ ΚΑΡΚΙΝΟΛΟΓΟΣ Κ. Γ. ΠΑΠΑΝΙΚΟΛΑΟΥ
Ο ΚΑΡΚΙΝΟΣ, Η ΔΙΑΓΝΩΣΙΣ ΤΟΥ ΚΑΙ Η ΘΕΡΑΠΕΙΑ ΤΟΥ.— Ο ΚΑΠΝΟΣ ΚΑΙ ΤΑ ΚΑΥΣΑΕΡΙΑ

Ὁ διάσημος Ἕλλην καρκινολόγος καθηγητὴς κ. Γεώργιος Παπανικολάου, ὁ ὁποῖος εὑρίσκεται εἰς Ἀθήνας, ἔδωσε χθὲς συνέντευξιν εἰς τὸν συντάκτην μας διὰ τὸν καρκίνον καὶ τὴν ἐγκαιρὸν διάγνωσιν αὐτοῦ. Ὁ κ. Παπανικολάου ἐξήγησεν ὅτι ἡ μέθοδος του ἐπιτρέπει τὴν διάγνωσιν τοῦ καρκίνου εἰς πολὺ πρώιμον στάδιον.

Ὁ διάσημος Ἕλλην καρκινολόγος καθηγητὴς κ. Γεώργιος Παπανικολάου, ὁ ὁποῖος εὑρίσκεται εἰς Ἀθήνας, ἔδωσε χθὲς συνέντευξιν εἰς τὸν συντάκτην μας διὰ τὸν καρκίνον καὶ τὴν ἐγκαιρὸν διάγνωσιν αὐτοῦ. Ὁ κ. Παπανικολάου ἐξήγησεν ὅτι ἡ μέθοδος του ἐπιτρέπει τὴν διάγνωσιν τοῦ καρκίνου εἰς πολὺ πρώιμον στάδιον.

Ὁ διάσημος Ἕλλην καρκινολόγος καθηγητὴς κ. Γεώργιος Παπανικολάου, ὁ ὁποῖος εὑρίσκεται εἰς Ἀθήνας, ἔδωσε χθὲς συνέντευξιν εἰς τὸν συντάκτην μας διὰ τὸν καρκίνον καὶ τὴν ἐγκαιρὸν διάγνωσιν αὐτοῦ. Ὁ κ. Παπανικολάου ἐξήγησεν ὅτι ἡ μέθοδος του ἐπιτρέπει τὴν διάγνωσιν τοῦ καρκίνου εἰς πολὺ πρώιμον στάδιον.

Ὁ διάσημος Ἕλλην καρκινολόγος καθηγητὴς κ. Γεώργιος Παπανικολάου, ὁ ὁποῖος εὑρίσκεται εἰς Ἀθήνας, ἔδωσε χθὲς συνέντευξιν εἰς τὸν συντάκτην μας διὰ τὸν καρκίνον καὶ τὴν ἐγκαιρὸν διάγνωσιν αὐτοῦ. Ὁ κ. Παπανικολάου ἐξήγησεν ὅτι ἡ μέθοδος του ἐπιτρέπει τὴν διάγνωσιν τοῦ καρκίνου εἰς πολὺ πρώιμον στάδιον.

Ὁ διάσημος Ἕλλην καρκινολόγος καθηγητὴς κ. Γεώργιος Παπανικολάου, ὁ ὁποῖος εὑρίσκεται εἰς Ἀθήνας, ἔδωσε χθὲς συνέντευξιν εἰς τὸν συντάκτην μας διὰ τὸν καρκίνον καὶ τὴν ἐγκαιρὸν διάγνωσιν αὐτοῦ. Ὁ κ. Παπανικολάου ἐξήγησεν ὅτι ἡ μέθοδος του ἐπιτρέπει τὴν διάγνωσιν τοῦ καρκίνου εἰς πολὺ πρώιμον στάδιον.

Η ΔΙΑΔΟΣΙΣ ΤΟΥ ΣΤΟΙΧΕΙΟΥ

Ὁ διάσημος καρκινολόγος ἀνέφερεν ὅτι ἡ μέθοδος του ἐφαρμόζεται σήμερον εἰς ὅλα τὰ νοσοκομεῖα τοῦ κόσμου.

Ὁ διάσημος καρκινολόγος ἀνέφερεν ὅτι ἡ μέθοδος του ἐφαρμόζεται σήμερον εἰς ὅλα τὰ νοσοκομεῖα τοῦ κόσμου.

Ὁ διάσημος καρκινολόγος ἀνέφερεν ὅτι ἡ μέθοδος του ἐφαρμόζεται σήμερον εἰς ὅλα τὰ νοσοκομεῖα τοῦ κόσμου.

Ὁ διάσημος καρκινολόγος ἀνέφερεν ὅτι ἡ μέθοδος του ἐφαρμόζεται σήμερον εἰς ὅλα τὰ νοσοκομεῖα τοῦ κόσμου.

Ὁ διάσημος Ἕλλην καρκινολόγος καθηγητὴς κ. Γεώργιος Παπανικολάου, ὁ ὁποῖος εὑρίσκεται εἰς Ἀθήνας, ἔδωσε χθὲς συνέντευξιν εἰς τὸν συντάκτην μας διὰ τὸν καρκίνον καὶ τὴν ἐγκαιρὸν διάγνωσιν αὐτοῦ. Ὁ κ. Παπανικολάου ἐξήγησεν ὅτι ἡ μέθοδος του ἐπιτρέπει τὴν διάγνωσιν τοῦ καρκίνου εἰς πολὺ πρώιμον στάδιον.

ΤΟ ΦΑΡΜΑΚΟΝ ΣΟΛΠΙΜΙΔΗ
Ὁ καθηγητὴς κ. Παπανικολάου κατὰ τὴν χθεσινὴν συνέντευξιν του
ΚΑΠΝΙΣΜΑ ΚΑΙ ΚΑΥΣΑΕΡΙΑ

Ἀκολούθως ὁ Ἕλλην καρκινολόγος ἐτόνισεν ὅτι δὲν ἔχει ἀποδειχθῇ πλήρως ἡ σχέσις μεταξὺ καπνίσματος καὶ καρκίνου τῶν πνευμόνων, ἐνῷ τὰ καυσαέρια τῶν αὐτοκινήτων ἀποτελοῦν ἐπίσης παράγοντα κινδύνου.

Ἀκολούθως ὁ Ἕλλην καρκινολόγος ἐτόνισεν ὅτι δὲν ἔχει ἀποδειχθῇ πλήρως ἡ σχέσις μεταξὺ καπνίσματος καὶ καρκίνου τῶν πνευμόνων, ἐνῷ τὰ καυσαέρια τῶν αὐτοκινήτων ἀποτελοῦν ἐπίσης παράγοντα κινδύνου.

ΤΑ ΠΕΡΙ ΑΝΤΙΚΑΡΚΙΝΙΚΟΥ ΙΔΡΥΜΑΤΟΣ

Ἐρωτηθεὶς ἐπίσης περὶ τοῦ ἀντικαρκινικοῦ ἰδρύματος, ὁ κ. Παπανικολάου ἐδήλωσεν ὅτι εἶναι ἀναγκαία ἡ ἵδρυσις κέντρου ἐρευνῶν εἰς Ἑλλάδα.

Ἐρωτηθεὶς ἐπίσης περὶ τοῦ ἀντικαρκινικοῦ ἰδρύματος, ὁ κ. Παπανικολάου ἐδήλωσεν ὅτι εἶναι ἀναγκαία ἡ ἵδρυσις κέντρου ἐρευνῶν εἰς Ἑλλάδα.

ΕΝΕΚΡΙΘΗ Ο ΚΑΝΟΝΙΣΜΟΣ ΤΗΣ ΛΕΙΤΟΥΡΓΙΑΣ ΣΧΟΛΗΣ ΤΡΑΠΕΖΙΚΩΝ ΣΠΟΥΔΩΝ ΠΑΡΑ ΤΗ ΤΡΑΠΕΖΗ ΕΛΛΑΔΟΣ

Κατὰ τὴν τελευταίαν συνεδρίασιν τοῦ Γενικοῦ Συμβουλίου τῆς Τραπέζης τῆς Ἑλλάδος ἐνεκρίθη ὁ κανονισμὸς λειτουργίας τῆς Σχολῆς Τραπεζικῶν Σπουδῶν.

ΔΙΑΡΚΕΙΑ ΣΠΟΥΔΩΝ — ΔΙΔΑΚΤΕΑ ΥΛΗ

Κατὰ τὴν τελευταίαν συνεδρίασιν τοῦ Γενικοῦ Συμβουλίου τῆς Τραπέζης τῆς Ἑλλάδος ἐνεκρίθη ὁ κανονισμὸς λειτουργίας τῆς Σχολῆς Τραπεζικῶν Σπουδῶν.

ΕΓΓΡΑΦΑΙ — ΦΟΙΤΗΣΙΣ — ΕΞΕΤΑΣΕΙΣ

Κατὰ τὴν τελευταίαν συνεδρίασιν τοῦ Γενικοῦ Συμβουλίου τῆς Τραπέζης τῆς Ἑλλάδος ἐνεκρίθη ὁ κανονισμὸς λειτουργίας τῆς Σχολῆς Τραπεζικῶν Σπουδῶν.

Κατὰ τὴν τελευταίαν συνεδρίασιν τοῦ Γενικοῦ Συμβουλίου τῆς Τραπέζης τῆς Ἑλλάδος ἐνεκρίθη ὁ κανονισμὸς λειτουργίας τῆς Σχολῆς Τραπεζικῶν Σπουδῶν.

Κατὰ τὴν τελευταίαν συνεδρίασιν τοῦ Γενικοῦ Συμβουλίου τῆς Τραπέζης τῆς Ἑλλάδος ἐνεκρίθη ὁ κανονισμὸς λειτουργίας τῆς Σχολῆς Τραπεζικῶν Σπουδῶν.

ΠΤΥΧΙΑ ΚΑΙ ΠΡΟΝΟΜΙΑ

Κατὰ τὴν τελευταίαν συνεδρίασιν τοῦ Γενικοῦ Συμβουλίου τῆς Τραπέζης τῆς Ἑλλάδος ἐνεκρίθη ὁ κανονισμὸς λειτουργίας τῆς Σχολῆς Τραπεζικῶν Σπουδῶν.

ΑΝΤΙΘΕΤΟΣ ΠΡΟΣ ΤΑ ΔΙΚΑΙΑ ΤΩΝ ΕΛΑΙΟΠΑΡΑΓΩΓΩΝ Η ΚΥΒΕΡΝΗΤΙΚΗ ΠΟΛΙΤΙΚΗ ΔΙΑ ΤΟ ΕΛΑΙΟΛΑΔΟΝ

ΜΥΤΙΛΗΝΗ, 22. (Τοῦ ἀνταποκριτοῦ μας).— Ἡ Παλλεσβιακὴ Ἕνωσις Γεωργικῶν Συνεταιρισμῶν διεμαρτυρήθη διὰ τὴν κυβερνητικὴν πολιτικὴν εἰς τὸ ζήτημα τοῦ ἐλαιολάδου.

ΜΥΤΙΛΗΝΗ, 22. (Τοῦ ἀνταποκριτοῦ μας).— Ἡ Παλλεσβιακὴ Ἕνωσις Γεωργικῶν Συνεταιρισμῶν διεμαρτυρήθη διὰ τὴν κυβερνητικὴν πολιτικὴν εἰς τὸ ζήτημα τοῦ ἐλαιολάδου.

ΠΥΡΚΑΪΑ ΕΙΣ ΕΡΓΟΣΤΑΣΙΟΝ ΤΗΣ ΘΕΣΣΑΛΟΝΙΚΗΣ

ΘΕΣΣΑΛΟΝΙΚΗ, 22. (Τοῦ ἀνταποκριτοῦ μας).— Πυρκαϊὰ ἐξερράγη εἰς ἐργοστάσιον τῆς πόλεως. Αἱ ζημίαι ὑπολογίζονται εἰς 1.000 δισεκ.

ΕΞΕΚΑΘΑΡΙΣΑΝ ΝΑ ΛΗΣΤΕΥΣΟΥΝ ΕΠΑΥΛΙΝ ΕΙΣ ΓΛΥΦΑΔΑΝ

Ὄργανα τῆς Γενικῆς Ἀσφαλείας συνέλαβον τέσσαρα ἄτομα τὰ ὁποῖα εἶχον σχεδιάσει νὰ ληστεύσουν ἔπαυλιν εἰς Γλυφάδαν.

Ὄργανα τῆς Γενικῆς Ἀσφαλείας συνέλαβον τέσσαρα ἄτομα τὰ ὁποῖα εἶχον σχεδιάσει νὰ ληστεύσουν ἔπαυλιν εἰς Γλυφάδαν.

Ὄργανα τῆς Γενικῆς Ἀσφαλείας συνέλαβον τέσσαρα ἄτομα τὰ ὁποῖα εἶχον σχεδιάσει νὰ ληστεύσουν ἔπαυλιν εἰς Γλυφάδαν.
